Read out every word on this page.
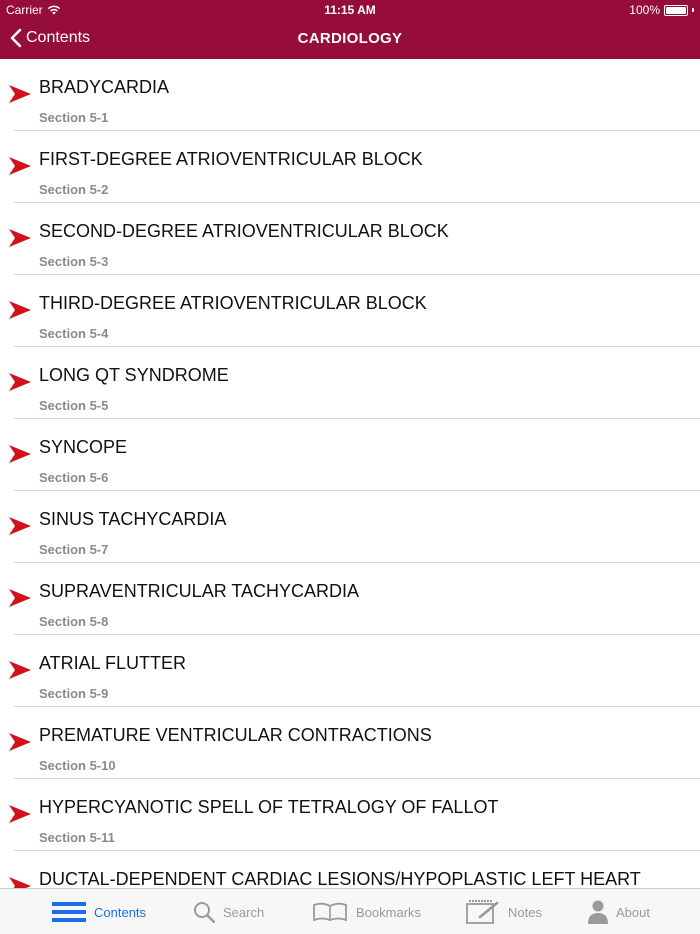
Carrier	11:15 AM	100%
Contents	CARDIOLOGY
BRADYCARDIA
Section 5-1
FIRST-DEGREE ATRIOVENTRICULAR BLOCK
Section 5-2
SECOND-DEGREE ATRIOVENTRICULAR BLOCK
Section 5-3
THIRD-DEGREE ATRIOVENTRICULAR BLOCK
Section 5-4
LONG QT SYNDROME
Section 5-5
SYNCOPE
Section 5-6
SINUS TACHYCARDIA
Section 5-7
SUPRAVENTRICULAR TACHYCARDIA
Section 5-8
ATRIAL FLUTTER
Section 5-9
PREMATURE VENTRICULAR CONTRACTIONS
Section 5-10
HYPERCYANOTIC SPELL OF TETRALOGY OF FALLOT
Section 5-11
DUCTAL-DEPENDENT CARDIAC LESIONS/HYPOPLASTIC LEFT HEART
Contents	Search	Bookmarks	Notes	About
